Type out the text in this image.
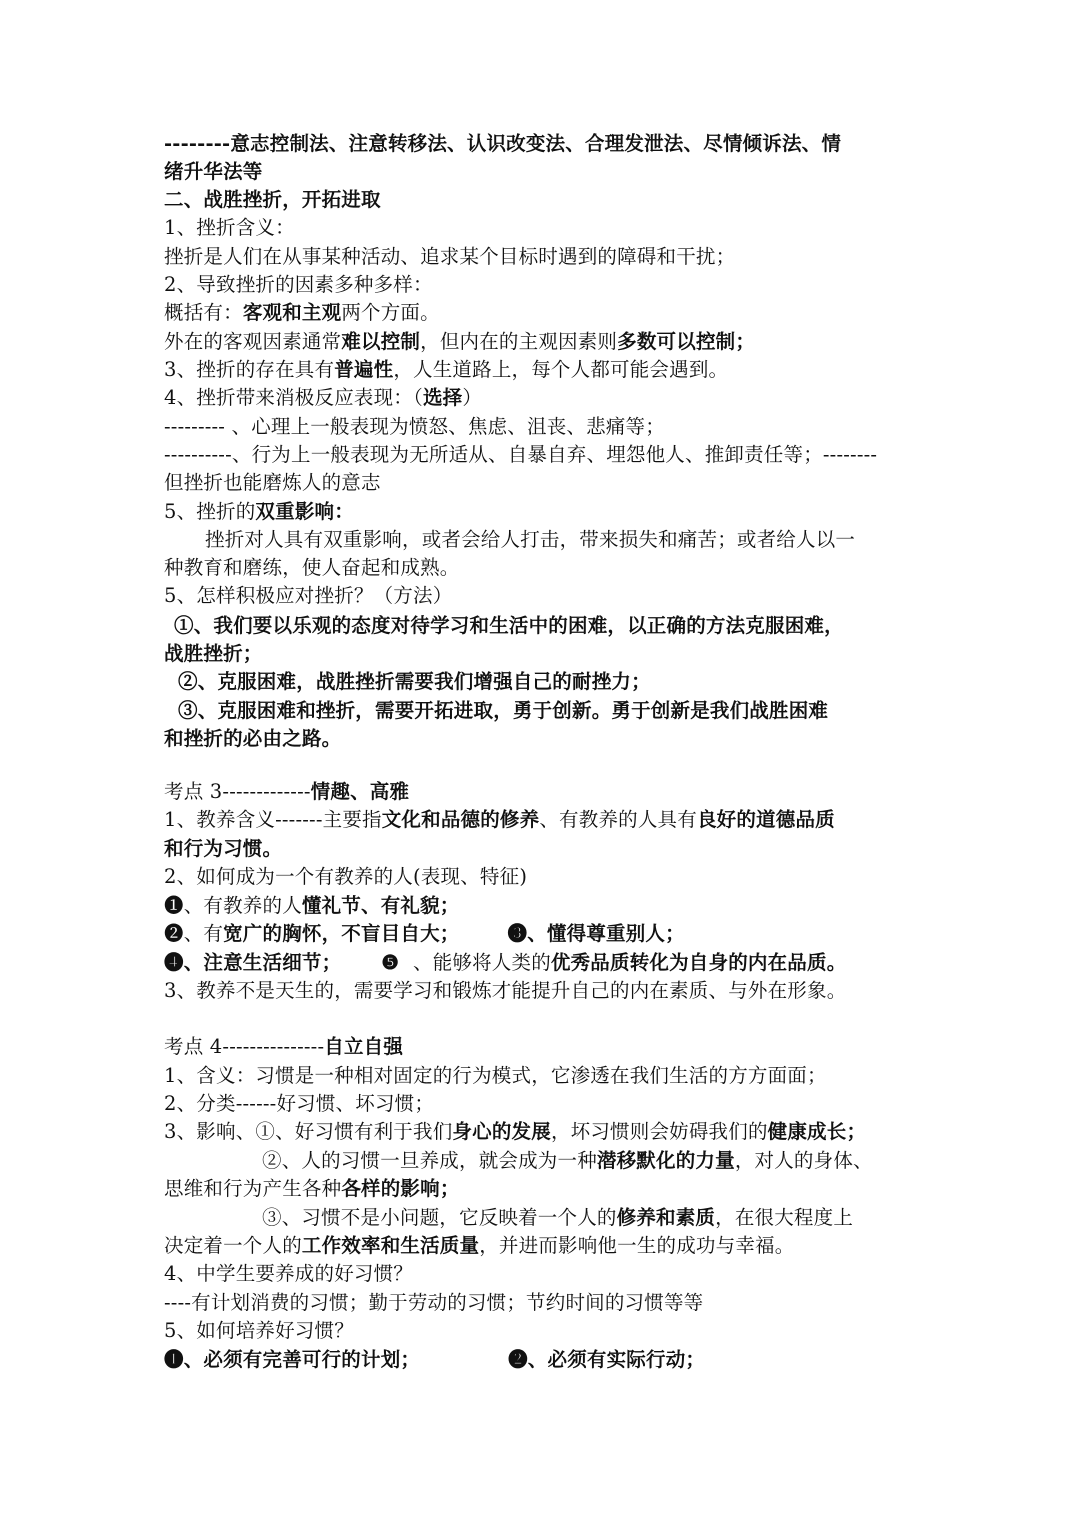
--------意志控制法、注意转移法、认识改变法、合理发泄法、尽情倾诉法、情
绪升华法等
二、战胜挫折，开拓进取
1、挫折含义：
挫折是人们在从事某种活动、追求某个目标时遇到的障碍和干扰；
2、导致挫折的因素多种多样：
概括有：客观和主观两个方面。
外在的客观因素通常难以控制，但内在的主观因素则多数可以控制；
3、挫折的存在具有普遍性，人生道路上，每个人都可能会遇到。
4、挫折带来消极反应表现：（选择）
--------- 、心理上一般表现为愤怒、焦虑、沮丧、悲痛等；
----------、行为上一般表现为无所适从、自暴自弃、埋怨他人、推卸责任等；--------
但挫折也能磨炼人的意志
5、挫折的双重影响：
挫折对人具有双重影响，或者会给人打击，带来损失和痛苦；或者给人以一
种教育和磨练，使人奋起和成熟。
5、怎样积极应对挫折？（方法）
①、我们要以乐观的态度对待学习和生活中的困难，以正确的方法克服困难，
战胜挫折；
②、克服困难，战胜挫折需要我们增强自己的耐挫力；
③、克服困难和挫折，需要开拓进取，勇于创新。勇于创新是我们战胜困难
和挫折的必由之路。
考点 3-------------情趣、高雅
1、教养含义-------主要指文化和品德的修养、有教养的人具有良好的道德品质
和行为习惯。
2、如何成为一个有教养的人(表现、特征)
❶、有教养的人懂礼节、有礼貌；
❷、有宽广的胸怀，不盲目自大； ❸、懂得尊重别人；
❹、注意生活细节； ❺ 、能够将人类的优秀品质转化为自身的内在品质。
3、教养不是天生的，需要学习和锻炼才能提升自己的内在素质、与外在形象。
考点 4---------------自立自强
1、含义：习惯是一种相对固定的行为模式，它渗透在我们生活的方方面面；
2、分类------好习惯、坏习惯；
3、影响、①、好习惯有利于我们身心的发展，坏习惯则会妨碍我们的健康成长；
②、人的习惯一旦养成，就会成为一种潜移默化的力量，对人的身体、
思维和行为产生各种各样的影响；
③、习惯不是小问题，它反映着一个人的修养和素质，在很大程度上
决定着一个人的工作效率和生活质量，并进而影响他一生的成功与幸福。
4、中学生要养成的好习惯？
----有计划消费的习惯；勤于劳动的习惯；节约时间的习惯等等
5、如何培养好习惯？
❶、必须有完善可行的计划；	❷、必须有实际行动；
